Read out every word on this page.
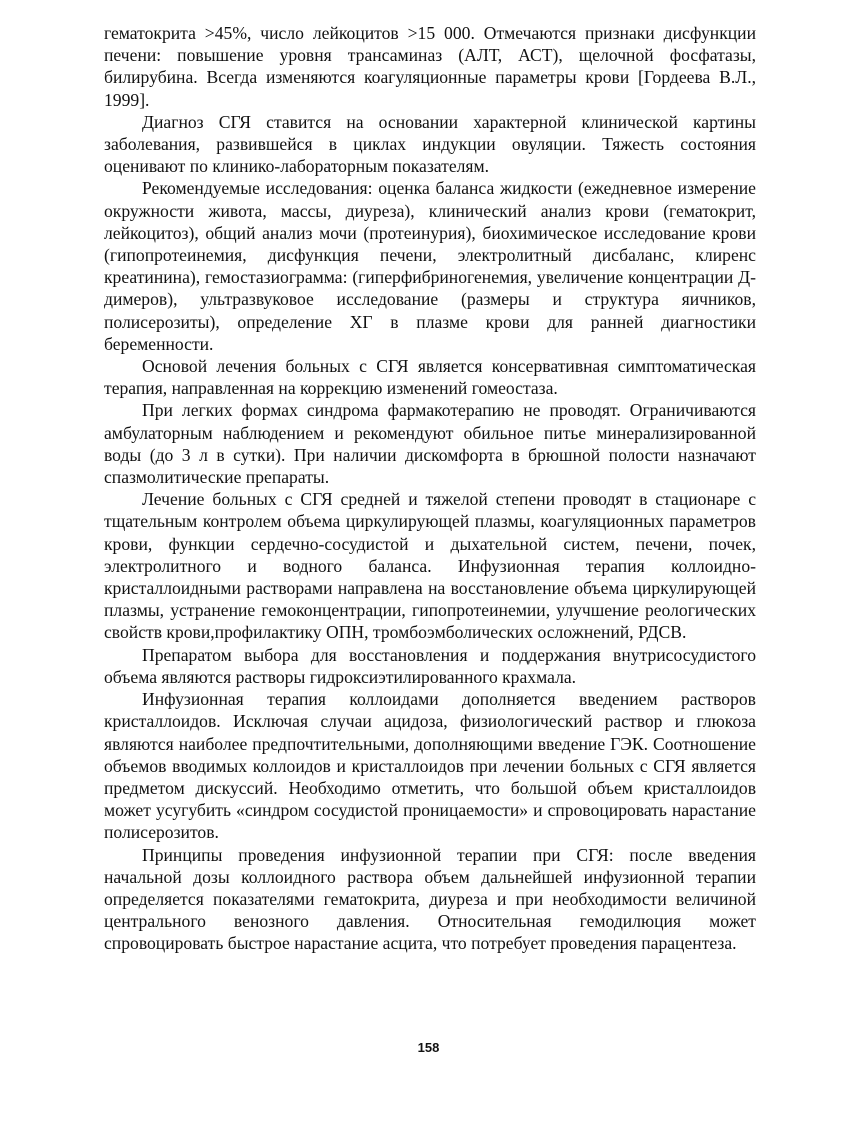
гематокрита >45%, число лейкоцитов >15 000. Отмечаются признаки дисфункции печени: повышение уровня трансаминаз (АЛТ, АСТ), щелочной фосфатазы, билирубина. Всегда изменяются коагуляционные параметры крови [Гордеева В.Л., 1999].

Диагноз СГЯ ставится на основании характерной клинической картины заболевания, развившейся в циклах индукции овуляции. Тяжесть состояния оценивают по клинико-лабораторным показателям.

Рекомендуемые исследования: оценка баланса жидкости (ежедневное измерение окружности живота, массы, диуреза), клинический анализ крови (гематокрит, лейкоцитоз), общий анализ мочи (протеинурия), биохимическое исследование крови (гипопротеинемия, дисфункция печени, электролитный дисбаланс, клиренс креатинина), гемостазиограмма: (гиперфибриногенемия, увеличение концентрации Д-димеров), ультразвуковое исследование (размеры и структура яичников, полисерозиты), определение ХГ в плазме крови для ранней диагностики беременности.

Основой лечения больных с СГЯ является консервативная симптоматическая терапия, направленная на коррекцию изменений гомеостаза.

При легких формах синдрома фармакотерапию не проводят. Ограничиваются амбулаторным наблюдением и рекомендуют обильное питье минерализированной воды (до 3 л в сутки). При наличии дискомфорта в брюшной полости назначают спазмолитические препараты.

Лечение больных с СГЯ средней и тяжелой степени проводят в стационаре с тщательным контролем объема циркулирующей плазмы, коагуляционных параметров крови, функции сердечно-сосудистой и дыхательной систем, печени, почек, электролитного и водного баланса. Инфузионная терапия коллоидно-кристаллоидными растворами направлена на восстановление объема циркулирующей плазмы, устранение гемоконцентрации, гипопротеинемии, улучшение реологических свойств крови,профилактику ОПН, тромбоэмболических осложнений, РДСВ.

Препаратом выбора для восстановления и поддержания внутрисосудистого объема являются растворы гидроксиэтилированного крахмала.

Инфузионная терапия коллоидами дополняется введением растворов кристаллоидов. Исключая случаи ацидоза, физиологический раствор и глюкоза являются наиболее предпочтительными, дополняющими введение ГЭК. Соотношение объемов вводимых коллоидов и кристаллоидов при лечении больных с СГЯ является предметом дискуссий. Необходимо отметить, что большой объем кристаллоидов может усугубить «синдром сосудистой проницаемости» и спровоцировать нарастание полисерозитов.

Принципы проведения инфузионной терапии при СГЯ: после введения начальной дозы коллоидного раствора объем дальнейшей инфузионной терапии определяется показателями гематокрита, диуреза и при необходимости величиной центрального венозного давления. Относительная гемодилюция может спровоцировать быстрое нарастание асцита, что потребует проведения парацентеза.

158
